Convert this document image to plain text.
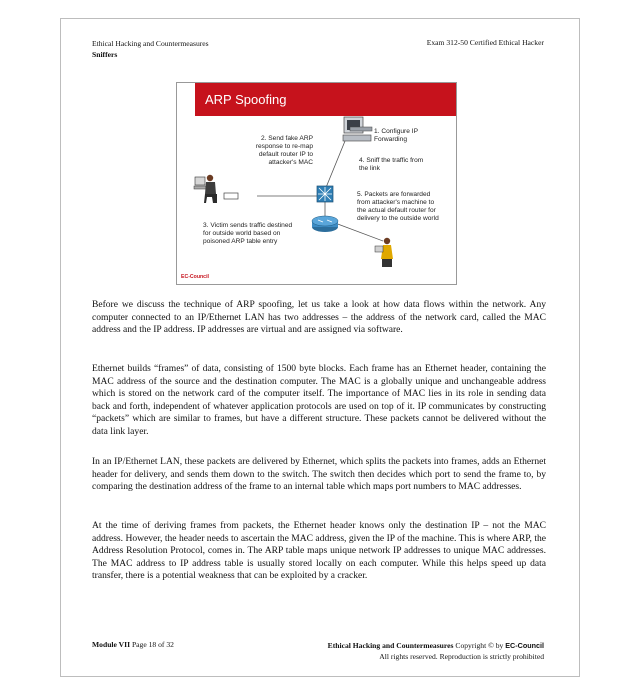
Ethical Hacking and Countermeasures
Sniffers
Exam 312-50 Certified Ethical Hacker
ARP Spoofing
1. Configure IP Forwarding
2. Send fake ARP response to re-map default router IP to attacker's MAC	4. Sniff the traffic from the link
3. Victim sends traffic destined for outside world based on poisoned ARP table entry
5. Packets are forwarded from attacker's machine to the actual default router for delivery to the outside world
EC-Council

Before we discuss the technique of ARP spoofing, let us take a look at how data flows within the network. Any computer connected to an IP/Ethernet LAN has two addresses – the address of the network card, called the MAC address and the IP address. IP addresses are virtual and are assigned via software.

Ethernet builds “frames” of data, consisting of 1500 byte blocks. Each frame has an Ethernet header, containing the MAC address of the source and the destination computer. The MAC is a globally unique and unchangeable address which is stored on the network card of the computer itself. The importance of MAC lies in its role in sending data back and forth, independent of whatever application protocols are used on top of it. IP communicates by constructing “packets” which are similar to frames, but have a different structure. These packets cannot be delivered without the data link layer.

In an IP/Ethernet LAN, these packets are delivered by Ethernet, which splits the packets into frames, adds an Ethernet header for delivery, and sends them down to the switch. The switch then decides which port to send the frame to, by comparing the destination address of the frame to an internal table which maps port numbers to MAC addresses.

At the time of deriving frames from packets, the Ethernet header knows only the destination IP – not the MAC address. However, the header needs to ascertain the MAC address, given the IP of the machine. This is where ARP, the Address Resolution Protocol, comes in. The ARP table maps unique network IP addresses to unique MAC addresses. The MAC address to IP address table is usually stored locally on each computer. While this helps speed up data transfer, there is a potential weakness that can be exploited by a cracker.

Module VII Page 18 of 32	Ethical Hacking and Countermeasures Copyright © by EC-Council
All rights reserved. Reproduction is strictly prohibited
